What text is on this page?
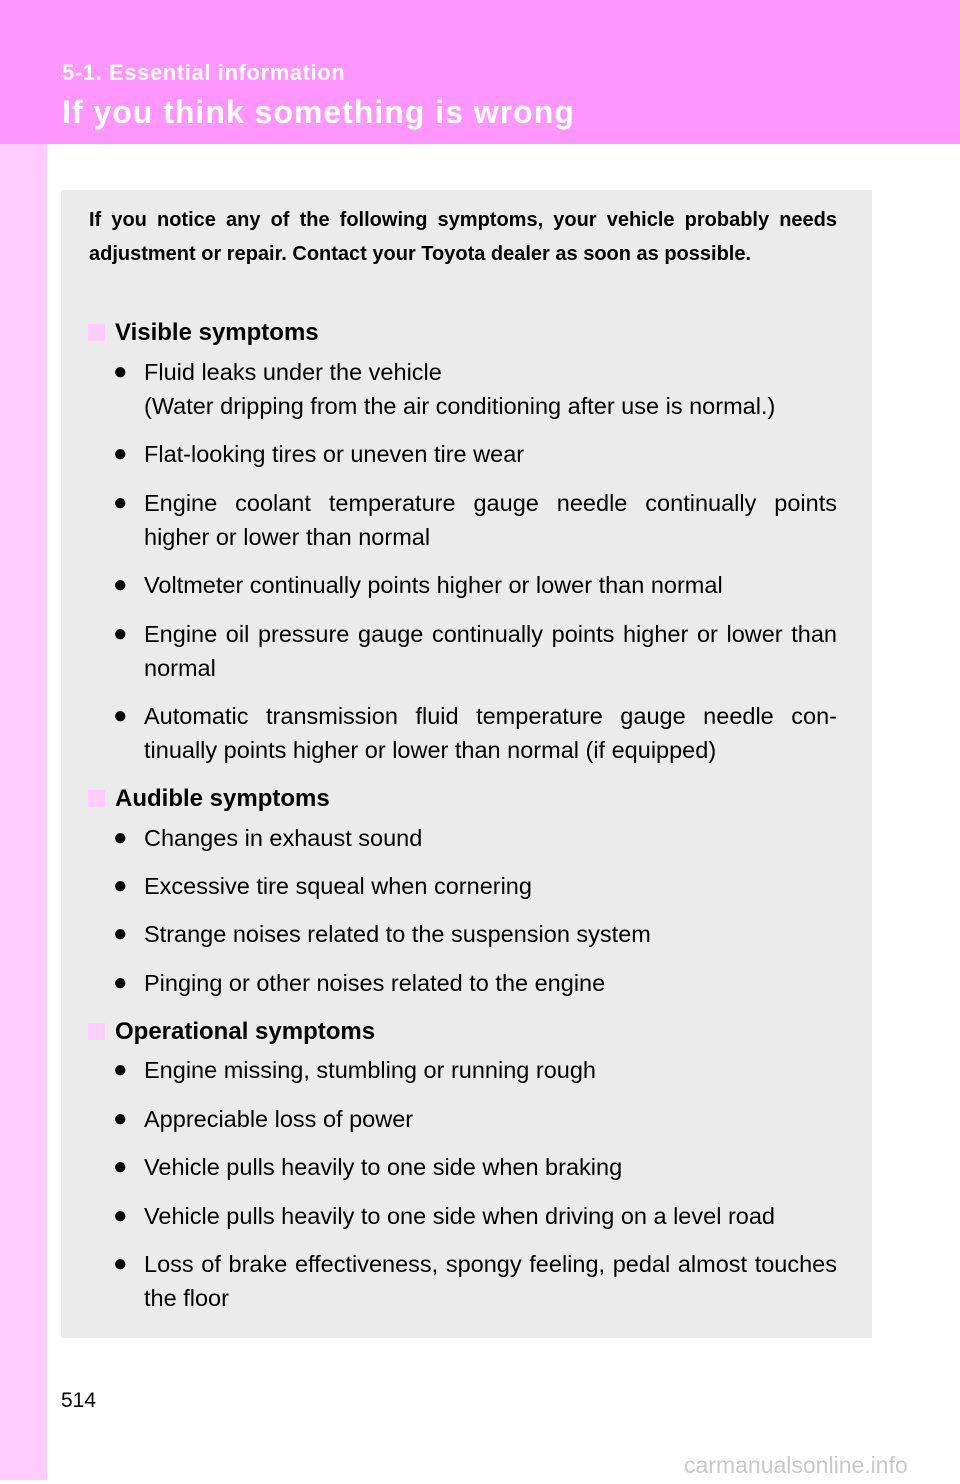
5-1. Essential information
If you think something is wrong

If you notice any of the following symptoms, your vehicle probably needs adjustment or repair. Contact your Toyota dealer as soon as possible.

Visible symptoms
● Fluid leaks under the vehicle
(Water dripping from the air conditioning after use is normal.)
● Flat-looking tires or uneven tire wear
● Engine coolant temperature gauge needle continually points higher or lower than normal
● Voltmeter continually points higher or lower than normal
● Engine oil pressure gauge continually points higher or lower than normal
● Automatic transmission fluid temperature gauge needle con-tinually points higher or lower than normal (if equipped)
Audible symptoms
● Changes in exhaust sound
● Excessive tire squeal when cornering
● Strange noises related to the suspension system
● Pinging or other noises related to the engine
Operational symptoms
● Engine missing, stumbling or running rough
● Appreciable loss of power
● Vehicle pulls heavily to one side when braking
● Vehicle pulls heavily to one side when driving on a level road
● Loss of brake effectiveness, spongy feeling, pedal almost touches the floor
514
carmanualsonline.info
